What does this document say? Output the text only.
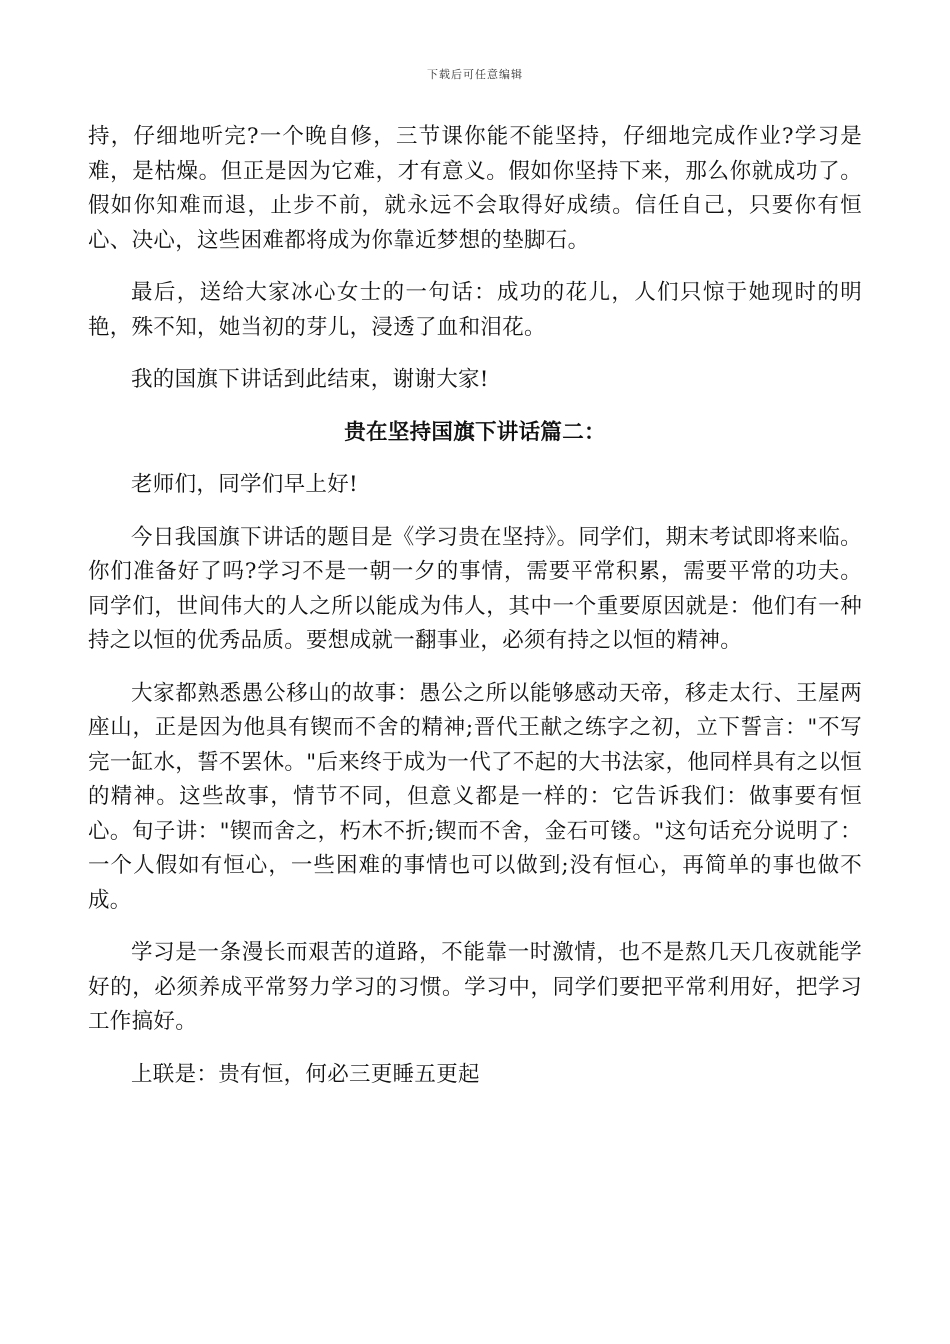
下载后可任意编辑

持，仔细地听完?一个晚自修，三节课你能不能坚持，仔细地完成作业?学习是难，是枯燥。但正是因为它难，才有意义。假如你坚持下来，那么你就成功了。假如你知难而退，止步不前，就永远不会取得好成绩。信任自己，只要你有恒心、决心，这些困难都将成为你靠近梦想的垫脚石。

最后，送给大家冰心女士的一句话：成功的花儿，人们只惊于她现时的明艳，殊不知，她当初的芽儿，浸透了血和泪花。

我的国旗下讲话到此结束，谢谢大家!

贵在坚持国旗下讲话篇二：

老师们，同学们早上好!

今日我国旗下讲话的题目是《学习贵在坚持》。同学们，期末考试即将来临。你们准备好了吗?学习不是一朝一夕的事情，需要平常积累，需要平常的功夫。同学们，世间伟大的人之所以能成为伟人，其中一个重要原因就是：他们有一种持之以恒的优秀品质。要想成就一翻事业，必须有持之以恒的精神。

大家都熟悉愚公移山的故事：愚公之所以能够感动天帝，移走太行、王屋两座山，正是因为他具有锲而不舍的精神;晋代王献之练字之初，立下誓言："不写完一缸水，誓不罢休。"后来终于成为一代了不起的大书法家，他同样具有之以恒的精神。这些故事，情节不同，但意义都是一样的：它告诉我们：做事要有恒心。旬子讲："锲而舍之，朽木不折;锲而不舍，金石可镂。"这句话充分说明了：一个人假如有恒心，一些困难的事情也可以做到;没有恒心，再简单的事也做不成。

学习是一条漫长而艰苦的道路，不能靠一时激情，也不是熬几天几夜就能学好的，必须养成平常努力学习的习惯。学习中，同学们要把平常利用好，把学习工作搞好。

上联是：贵有恒，何必三更睡五更起
